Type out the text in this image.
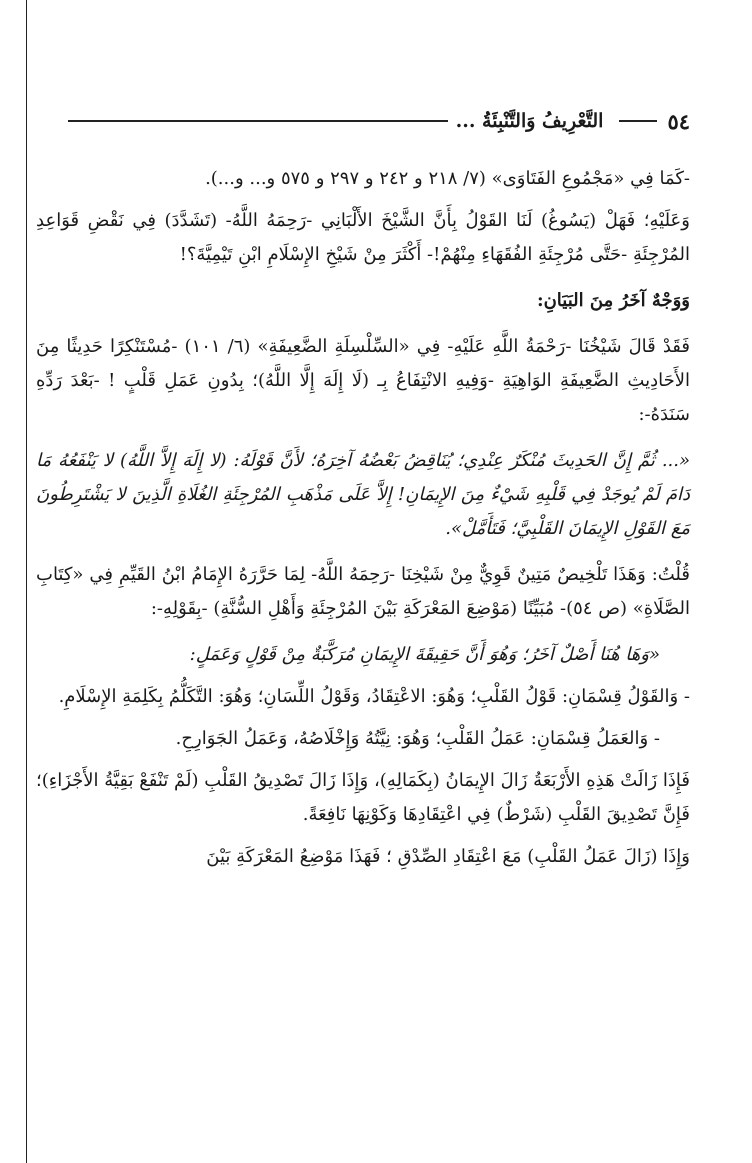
٥٤
التَّعْرِيفُ وَالتَّنْبِئَةُ ...

-كَمَا فِي «مَجْمُوعِ الفَتَاوَى» (٧/ ٢١٨ و ٢٤٢ و ٢٩٧ و ٥٧٥ و... و...).

وَعَلَيْهِ؛ فَهَلْ (يَسُوغُ) لَنَا القَوْلُ بِأَنَّ الشَّيْخَ الأَلْبَانِي -رَحِمَهُ اللَّهُ- (تَشَدَّدَ) فِي نَقْضِ قَوَاعِدِ المُرْجِئَةِ -حَتَّى مُرْجِئَةِ الفُقَهَاءِ مِنْهُمْ!- أَكْثَرَ مِنْ شَيْخِ الإِسْلَامِ ابْنِ تَيْمِيَّةَ؟!

وَوَجْهٌ آخَرُ مِنَ البَيَانِ:

فَقَدْ قَالَ شَيْخُنَا -رَحْمَةُ اللَّهِ عَلَيْهِ- فِي «السِّلْسِلَةِ الضَّعِيفَةِ» (٦/ ١٠١) -مُسْتَنْكِرًا حَدِيثًا مِنَ الأَحَادِيثِ الضَّعِيفَةِ الوَاهِيَةِ -وَفِيهِ الانْتِفَاعُ بِـ (لَا إِلَهَ إِلَّا اللَّهُ)؛ بِدُونِ عَمَلِ قَلْبٍ ! -بَعْدَ رَدِّهِ سَنَدَهُ-:

«... ثُمَّ إِنَّ الحَدِيثَ مُنْكَرٌ عِنْدِي؛ يُنَاقِضُ بَعْضُهُ آخِرَهُ؛ لأَنَّ قَوْلَهُ: (لا إِلَهَ إِلاَّ اللَّهُ) لا يَنْفَعُهُ مَا دَامَ لَمْ يُوجَدْ فِي قَلْبِهِ شَيْءٌ مِنَ الإِيمَانِ! إِلاَّ عَلَى مَذْهَبِ المُرْجِئَةِ الغُلَاةِ الَّذِينَ لا يَشْتَرِطُونَ مَعَ القَوْلِ الإِيمَانَ القَلْبِيَّ؛ فَتَأَمَّلْ».

قُلْتُ: وَهَذَا تَلْخِيصٌ مَتِينٌ قَوِيٌّ مِنْ شَيْخِنَا -رَحِمَهُ اللَّهُ- لِمَا حَرَّرَهُ الإِمَامُ ابْنُ القَيِّمِ فِي «كِتَابِ الصَّلَاةِ» (ص ٥٤)- مُبَيِّنًا (مَوْضِعَ المَعْرَكَةِ بَيْنَ المُرْجِئَةِ وَأَهْلِ السُّنَّةِ) -بِقَوْلِهِ-:

«وَهَا هُنَا أَصْلٌ آخَرُ؛ وَهُوَ أَنَّ حَقِيقَةَ الإِيمَانِ مُرَكَّبَةٌ مِنْ قَوْلٍ وَعَمَلٍ:

- وَالقَوْلُ قِسْمَانِ: قَوْلُ القَلْبِ؛ وَهُوَ: الاعْتِقَادُ، وَقَوْلُ اللِّسَانِ؛ وَهُوَ: التَّكَلُّمُ بِكَلِمَةِ الإِسْلَامِ.

- وَالعَمَلُ قِسْمَانِ: عَمَلُ القَلْبِ؛ وَهُوَ: نِيَّتُهُ وَإِخْلَاصُهُ، وَعَمَلُ الجَوَارِحِ.

فَإِذَا زَالَتْ هَذِهِ الأَرْبَعَةُ زَالَ الإِيمَانُ (بِكَمَالِهِ)، وَإِذَا زَالَ تَصْدِيقُ القَلْبِ (لَمْ تَنْفَعْ بَقِيَّةُ الأَجْزَاءِ)؛ فَإِنَّ تَصْدِيقَ القَلْبِ (شَرْطٌ) فِي اعْتِقَادِهَا وَكَوْنِهَا نَافِعَةً.

وَإِذَا (زَالَ عَمَلُ القَلْبِ) مَعَ اعْتِقَادِ الصِّدْقِ ؛ فَهَذَا مَوْضِعُ المَعْرَكَةِ بَيْنَ
